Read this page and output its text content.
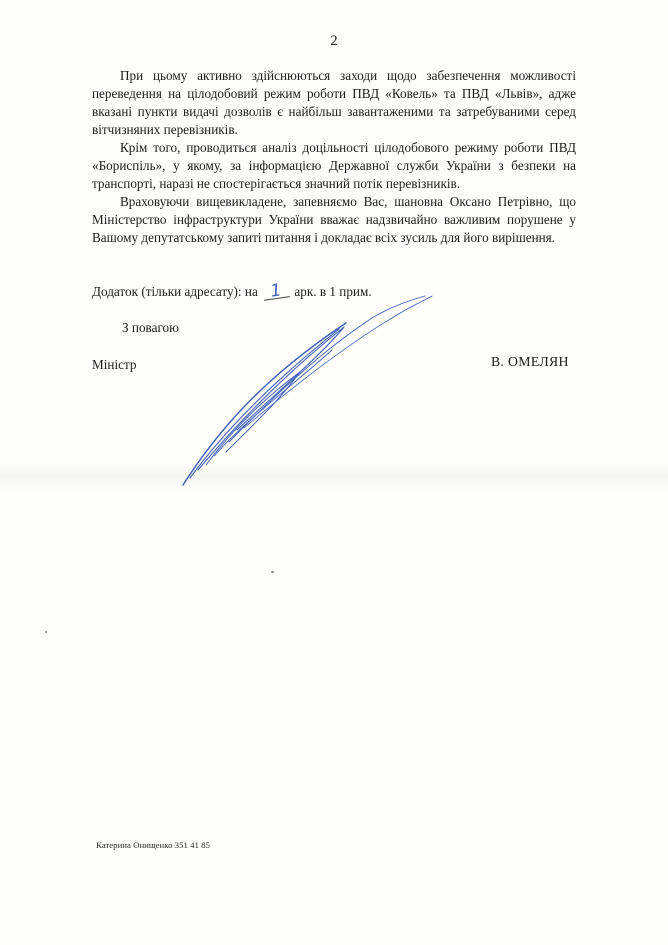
2

При цьому активно здійснюються заходи щодо забезпечення можливості переведення на цілодобовий режим роботи ПВД «Ковель» та ПВД «Львів», адже вказані пункти видачі дозволів є найбільш завантаженими та затребуваними серед вітчизняних перевізників.

Крім того, проводиться аналіз доцільності цілодобового режиму роботи ПВД «Бориспіль», у якому, за інформацією Державної служби України з безпеки на транспорті, наразі не спостерігається значний потік перевізників.

Враховуючи вищевикладене, запевняємо Вас, шановна Оксано Петрівно, що Міністерство інфраструктури України вважає надзвичайно важливим порушене у Вашому депутатському запиті питання і докладає всіх зусиль для його вирішення.

Додаток (тільки адресату): на 1 арк. в 1 прим.
З повагою
Міністр	В. ОМЕЛЯН
Катерина Онищенко 351 41 85
